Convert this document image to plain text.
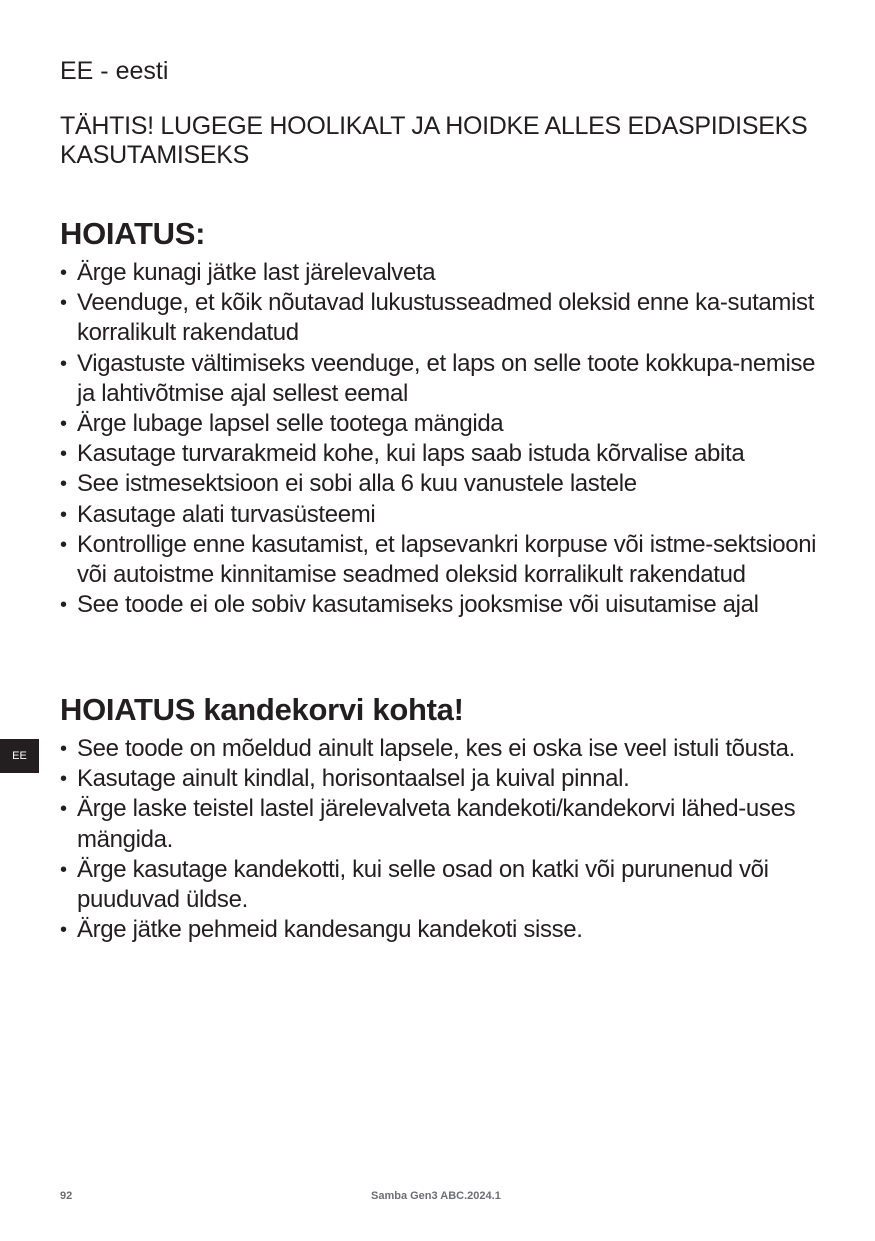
EE - eesti
TÄHTIS! LUGEGE HOOLIKALT JA HOIDKE ALLES EDASPIDISEKS KASUTAMISEKS
HOIATUS:
• Ärge kunagi jätke last järelevalveta
• Veenduge, et kõik nõutavad lukustusseadmed oleksid enne ka-sutamist korralikult rakendatud
• Vigastuste vältimiseks veenduge, et laps on selle toote kokkupa-nemise ja lahtivõtmise ajal sellest eemal
• Ärge lubage lapsel selle tootega mängida
• Kasutage turvarakmeid kohe, kui laps saab istuda kõrvalise abita
• See istmesektsioon ei sobi alla 6 kuu vanustele lastele
• Kasutage alati turvasüsteemi
• Kontrollige enne kasutamist, et lapsevankri korpuse või istme-sektsiooni või autoistme kinnitamise seadmed oleksid korralikult rakendatud
• See toode ei ole sobiv kasutamiseks jooksmise või uisutamise ajal
HOIATUS kandekorvi kohta!
• See toode on mõeldud ainult lapsele, kes ei oska ise veel istuli tõusta.
• Kasutage ainult kindlal, horisontaalsel ja kuival pinnal.
• Ärge laske teistel lastel järelevalveta kandekoti/kandekorvi lähed-uses mängida.
• Ärge kasutage kandekotti, kui selle osad on katki või purunenud või puuduvad üldse.
• Ärge jätke pehmeid kandesangu kandekoti sisse.
EE
92	Samba Gen3 ABC.2024.1
